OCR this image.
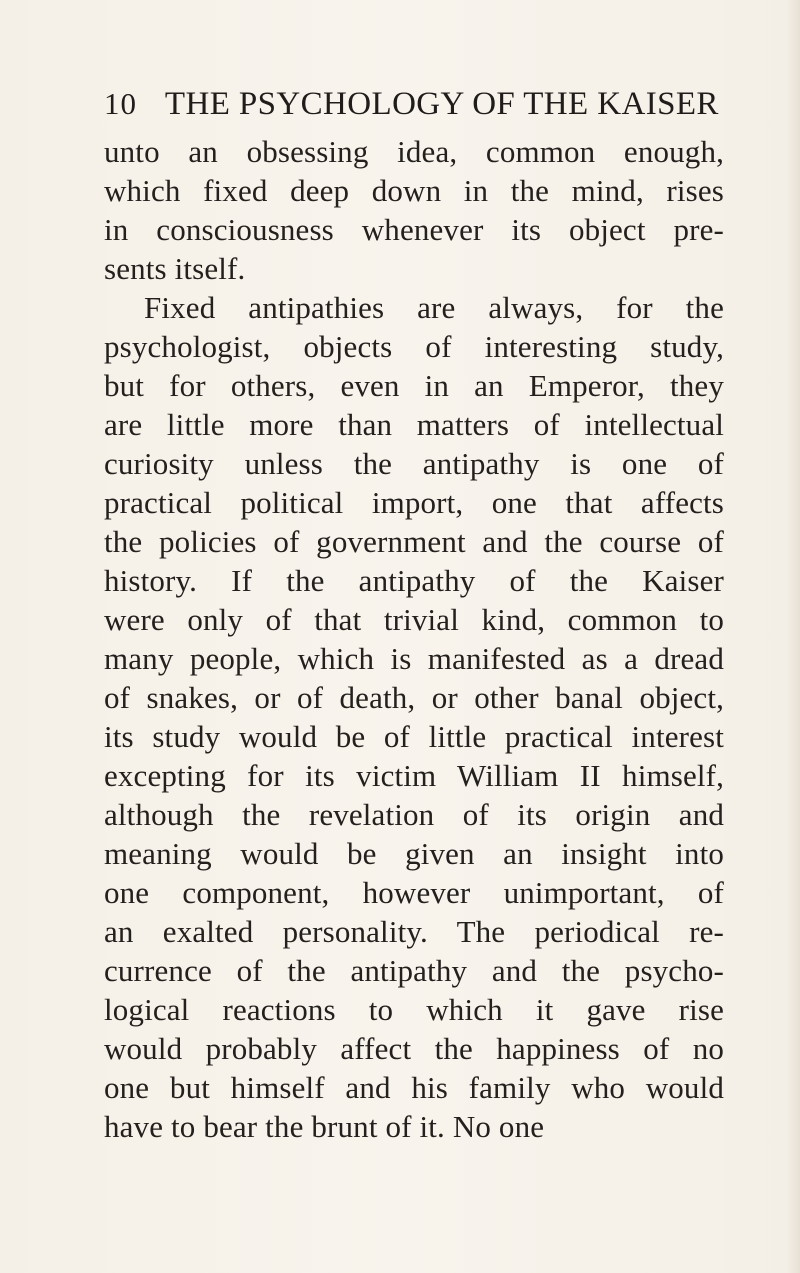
10 THE PSYCHOLOGY OF THE KAISER
unto an obsessing idea, common enough,
which fixed deep down in the mind, rises
in consciousness whenever its object pre-
sents itself.
Fixed antipathies are always, for the
psychologist, objects of interesting study,
but for others, even in an Emperor, they
are little more than matters of intellectual
curiosity unless the antipathy is one of
practical political import, one that affects
the policies of government and the course of
history. If the antipathy of the Kaiser
were only of that trivial kind, common to
many people, which is manifested as a dread
of snakes, or of death, or other banal object,
its study would be of little practical interest
excepting for its victim William II himself,
although the revelation of its origin and
meaning would be given an insight into
one component, however unimportant, of
an exalted personality. The periodical re-
currence of the antipathy and the psycho-
logical reactions to which it gave rise
would probably affect the happiness of no
one but himself and his family who would
have to bear the brunt of it. No one
